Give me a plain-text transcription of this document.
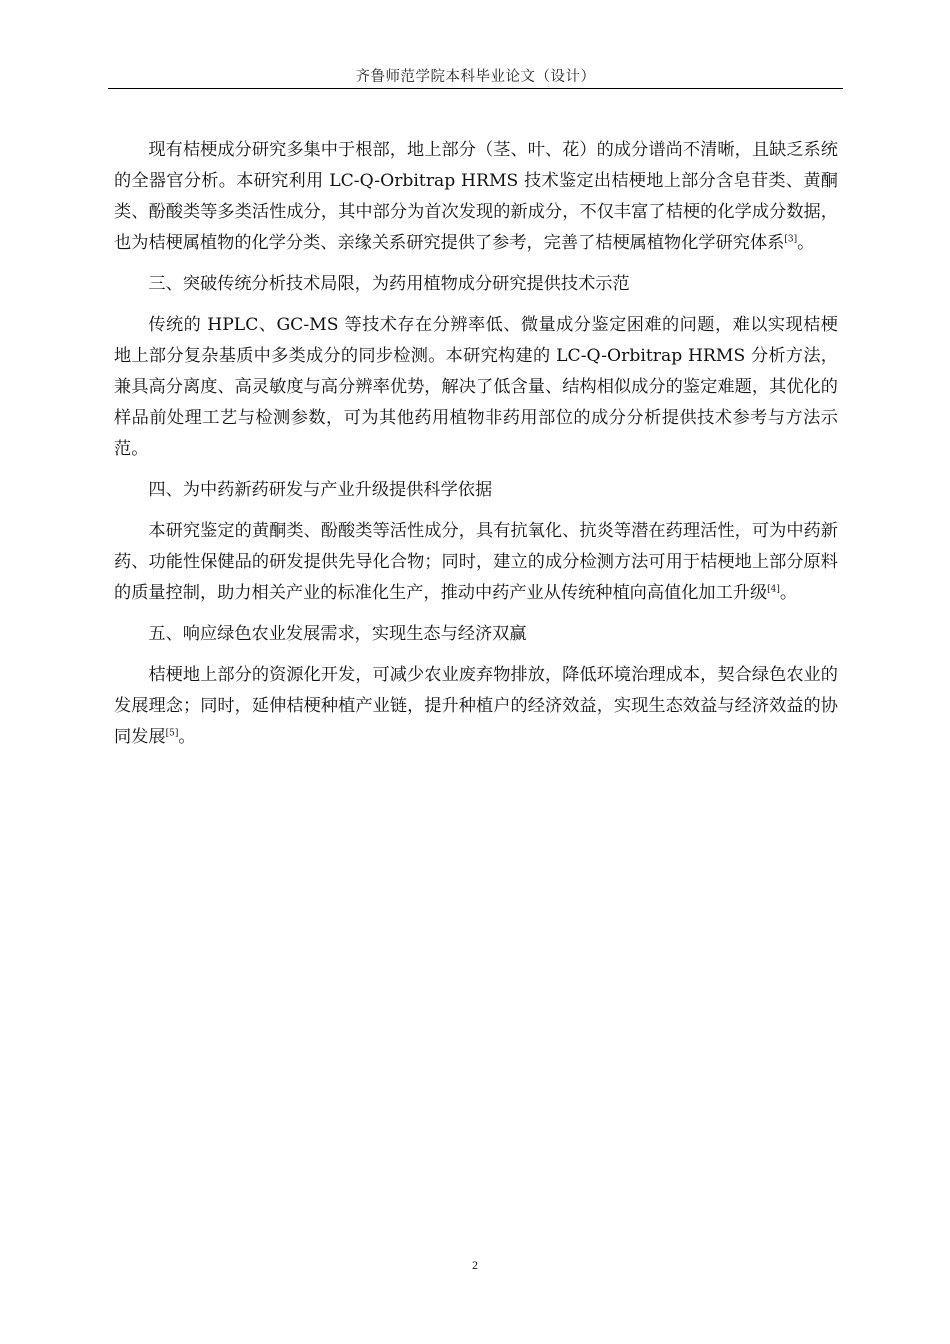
齐鲁师范学院本科毕业论文（设计）

现有桔梗成分研究多集中于根部，地上部分（茎、叶、花）的成分谱尚不清晰，且缺乏系统的全器官分析。本研究利用 LC-Q-Orbitrap HRMS 技术鉴定出桔梗地上部分含皂苷类、黄酮类、酚酸类等多类活性成分，其中部分为首次发现的新成分，不仅丰富了桔梗的化学成分数据，也为桔梗属植物的化学分类、亲缘关系研究提供了参考，完善了桔梗属植物化学研究体系[3]。

三、突破传统分析技术局限，为药用植物成分研究提供技术示范

传统的 HPLC、GC-MS 等技术存在分辨率低、微量成分鉴定困难的问题，难以实现桔梗地上部分复杂基质中多类成分的同步检测。本研究构建的 LC-Q-Orbitrap HRMS 分析方法，兼具高分离度、高灵敏度与高分辨率优势，解决了低含量、结构相似成分的鉴定难题，其优化的样品前处理工艺与检测参数，可为其他药用植物非药用部位的成分分析提供技术参考与方法示范。

四、为中药新药研发与产业升级提供科学依据

本研究鉴定的黄酮类、酚酸类等活性成分，具有抗氧化、抗炎等潜在药理活性，可为中药新药、功能性保健品的研发提供先导化合物；同时，建立的成分检测方法可用于桔梗地上部分原料的质量控制，助力相关产业的标准化生产，推动中药产业从传统种植向高值化加工升级[4]。

五、响应绿色农业发展需求，实现生态与经济双赢

桔梗地上部分的资源化开发，可减少农业废弃物排放，降低环境治理成本，契合绿色农业的发展理念；同时，延伸桔梗种植产业链，提升种植户的经济效益，实现生态效益与经济效益的协同发展[5]。

2
